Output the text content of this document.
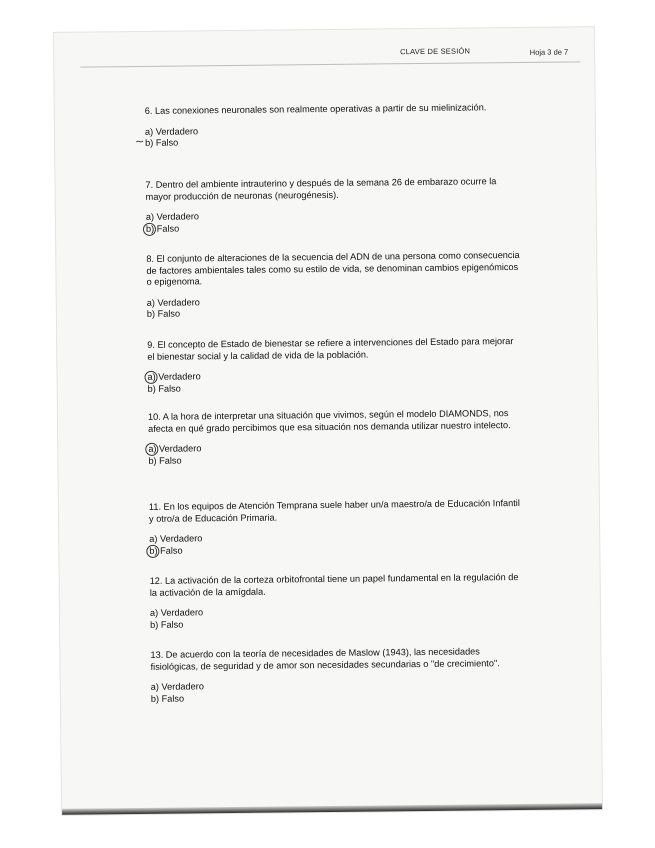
CLAVE DE SESIÓN	Hoja 3 de 7

6. Las conexiones neuronales son realmente operativas a partir de su mielinización.

a) Verdadero

b) Falso

~

7. Dentro del ambiente intrauterino y después de la semana 26 de embarazo ocurre la mayor producción de neuronas (neurogénesis).

a) Verdadero

b) Falso

8. El conjunto de alteraciones de la secuencia del ADN de una persona como consecuencia de factores ambientales tales como su estilo de vida, se denominan cambios epigenómicos o epigenoma.

a) Verdadero

b) Falso

9. El concepto de Estado de bienestar se refiere a intervenciones del Estado para mejorar el bienestar social y la calidad de vida de la población.

a) Verdadero

b) Falso

10. A la hora de interpretar una situación que vivimos, según el modelo DIAMONDS, nos afecta en qué grado percibimos que esa situación nos demanda utilizar nuestro intelecto.

a) Verdadero

b) Falso

11. En los equipos de Atención Temprana suele haber un/a maestro/a de Educación Infantil y otro/a de Educación Primaria.

a) Verdadero

b) Falso

12. La activación de la corteza orbitofrontal tiene un papel fundamental en la regulación de la activación de la amígdala.

a) Verdadero

b) Falso

13. De acuerdo con la teoría de necesidades de Maslow (1943), las necesidades fisiológicas, de seguridad y de amor son necesidades secundarias o "de crecimiento".

a) Verdadero

b) Falso
